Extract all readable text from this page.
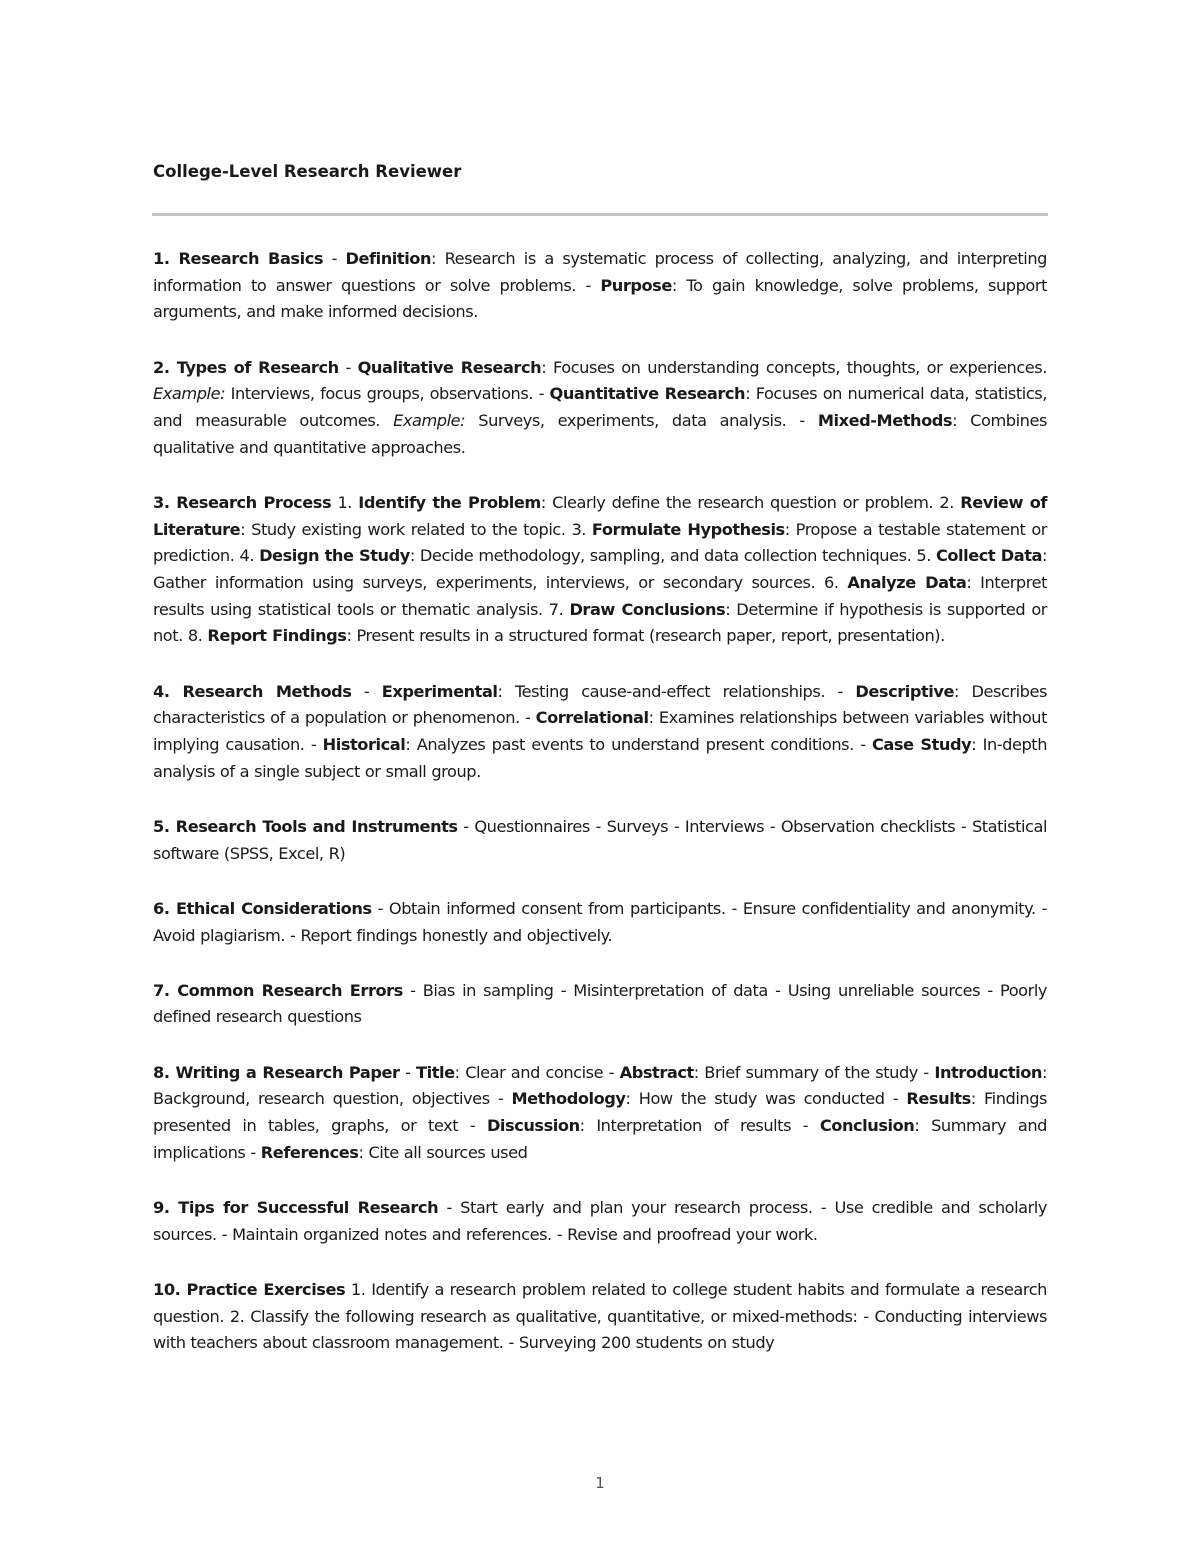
College-Level Research Reviewer

1. Research Basics - Definition: Research is a systematic process of collecting, analyzing, and interpreting information to answer questions or solve problems. - Purpose: To gain knowledge, solve problems, support arguments, and make informed decisions.

2. Types of Research - Qualitative Research: Focuses on understanding concepts, thoughts, or experiences. Example: Interviews, focus groups, observations. - Quantitative Research: Focuses on numerical data, statistics, and measurable outcomes. Example: Surveys, experiments, data analysis. - Mixed-Methods: Combines qualitative and quantitative approaches.

3. Research Process 1. Identify the Problem: Clearly define the research question or problem. 2. Review of Literature: Study existing work related to the topic. 3. Formulate Hypothesis: Propose a testable statement or prediction. 4. Design the Study: Decide methodology, sampling, and data collection techniques. 5. Collect Data: Gather information using surveys, experiments, interviews, or secondary sources. 6. Analyze Data: Interpret results using statistical tools or thematic analysis. 7. Draw Conclusions: Determine if hypothesis is supported or not. 8. Report Findings: Present results in a structured format (research paper, report, presentation).

4. Research Methods - Experimental: Testing cause-and-effect relationships. - Descriptive: Describes characteristics of a population or phenomenon. - Correlational: Examines relationships between variables without implying causation. - Historical: Analyzes past events to understand present conditions. - Case Study: In-depth analysis of a single subject or small group.

5. Research Tools and Instruments - Questionnaires - Surveys - Interviews - Observation checklists - Statistical software (SPSS, Excel, R)

6. Ethical Considerations - Obtain informed consent from participants. - Ensure confidentiality and anonymity. - Avoid plagiarism. - Report findings honestly and objectively.

7. Common Research Errors - Bias in sampling - Misinterpretation of data - Using unreliable sources - Poorly defined research questions

8. Writing a Research Paper - Title: Clear and concise - Abstract: Brief summary of the study - Introduction: Background, research question, objectives - Methodology: How the study was conducted - Results: Findings presented in tables, graphs, or text - Discussion: Interpretation of results - Conclusion: Summary and implications - References: Cite all sources used

9. Tips for Successful Research - Start early and plan your research process. - Use credible and scholarly sources. - Maintain organized notes and references. - Revise and proofread your work.

10. Practice Exercises 1. Identify a research problem related to college student habits and formulate a research question. 2. Classify the following research as qualitative, quantitative, or mixed-methods: - Conducting interviews with teachers about classroom management. - Surveying 200 students on study

1
